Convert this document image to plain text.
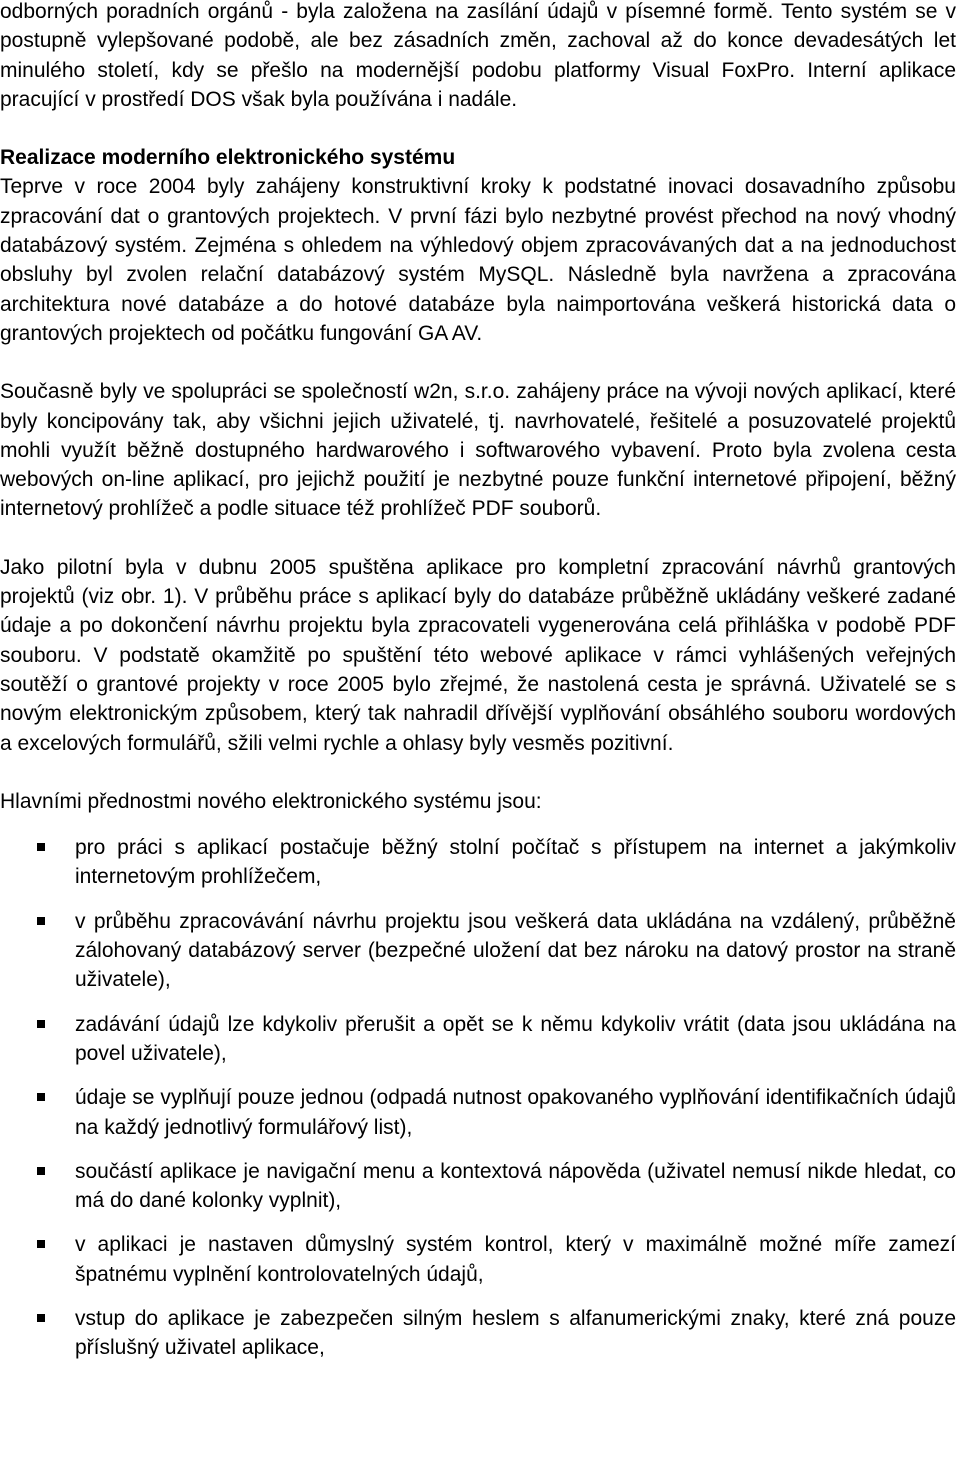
odborných poradních orgánů - byla založena na zasílání údajů v písemné formě. Tento systém se v postupně vylepšované podobě, ale bez zásadních změn, zachoval až do konce devadesátých let minulého století, kdy se přešlo na modernější podobu platformy Visual FoxPro. Interní aplikace pracující v prostředí DOS však byla používána i nadále.

Realizace moderního elektronického systému

Teprve v roce 2004 byly zahájeny konstruktivní kroky k podstatné inovaci dosavadního způsobu zpracování dat o grantových projektech. V první fázi bylo nezbytné provést přechod na nový vhodný databázový systém. Zejména s ohledem na výhledový objem zpracovávaných dat a na jednoduchost obsluhy byl zvolen relační databázový systém MySQL. Následně byla navržena a zpracována architektura nové databáze a do hotové databáze byla naimportována veškerá historická data o grantových projektech od počátku fungování GA AV.

Současně byly ve spolupráci se společností w2n, s.r.o. zahájeny práce na vývoji nových aplikací, které byly koncipovány tak, aby všichni jejich uživatelé, tj. navrhovatelé, řešitelé a posuzovatelé projektů mohli využít běžně dostupného hardwarového i softwarového vybavení. Proto byla zvolena cesta webových on-line aplikací, pro jejichž použití je nezbytné pouze funkční internetové připojení, běžný internetový prohlížeč a podle situace též prohlížeč PDF souborů.

Jako pilotní byla v dubnu 2005 spuštěna aplikace pro kompletní zpracování návrhů grantových projektů (viz obr. 1). V průběhu práce s aplikací byly do databáze průběžně ukládány veškeré zadané údaje a po dokončení návrhu projektu byla zpracovateli vygenerována celá přihláška v podobě PDF souboru. V podstatě okamžitě po spuštění této webové aplikace v rámci vyhlášených veřejných soutěží o grantové projekty v roce 2005 bylo zřejmé, že nastolená cesta je správná. Uživatelé se s novým elektronickým způsobem, který tak nahradil dřívější vyplňování obsáhlého souboru wordových a excelových formulářů, sžili velmi rychle a ohlasy byly vesměs pozitivní.

Hlavními přednostmi nového elektronického systému jsou:

pro práci s aplikací postačuje běžný stolní počítač s přístupem na internet a jakýmkoliv internetovým prohlížečem,
v průběhu zpracovávání návrhu projektu jsou veškerá data ukládána na vzdálený, průběžně zálohovaný databázový server (bezpečné uložení dat bez nároku na datový prostor na straně uživatele),
zadávání údajů lze kdykoliv přerušit a opět se k němu kdykoliv vrátit (data jsou ukládána na povel uživatele),
údaje se vyplňují pouze jednou (odpadá nutnost opakovaného vyplňování identifikačních údajů na každý jednotlivý formulářový list),
součástí aplikace je navigační menu a kontextová nápověda (uživatel nemusí nikde hledat, co má do dané kolonky vyplnit),
v aplikaci je nastaven důmyslný systém kontrol, který v maximálně možné míře zamezí špatnému vyplnění kontrolovatelných údajů,
vstup do aplikace je zabezpečen silným heslem s alfanumerickými znaky, které zná pouze příslušný uživatel aplikace,
